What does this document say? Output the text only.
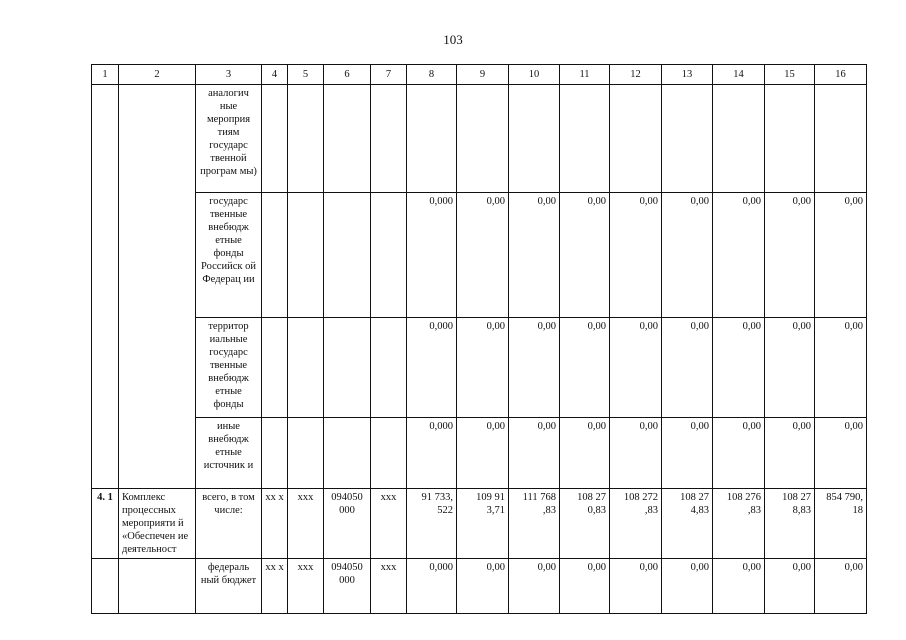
103
1	2	3	4	5	6	7	8	9	10	11	12	13	14	15	16
		аналогич ные мероприя тиям государс твенной програм мы)													
		государс твенные внебюдж етные фонды Российск ой Федерац ии					0,000	0,00	0,00	0,00	0,00	0,00	0,00	0,00	0,00
		территор иальные государс твенные внебюдж етные фонды					0,000	0,00	0,00	0,00	0,00	0,00	0,00	0,00	0,00
		иные внебюдж етные источник и					0,000	0,00	0,00	0,00	0,00	0,00	0,00	0,00	0,00
4. 1	Комплекс процессных мероприяти й «Обеспечен ие деятельност	всего, в том числе:	хх х	ххх	094050 000	ххх	91 733, 522	109 91 3,71	111 768 ,83	108 27 0,83	108 272 ,83	108 27 4,83	108 276 ,83	108 27 8,83	854 790, 18
		федераль ный бюджет	хх х	ххх	094050 000	ххх	0,000	0,00	0,00	0,00	0,00	0,00	0,00	0,00	0,00
